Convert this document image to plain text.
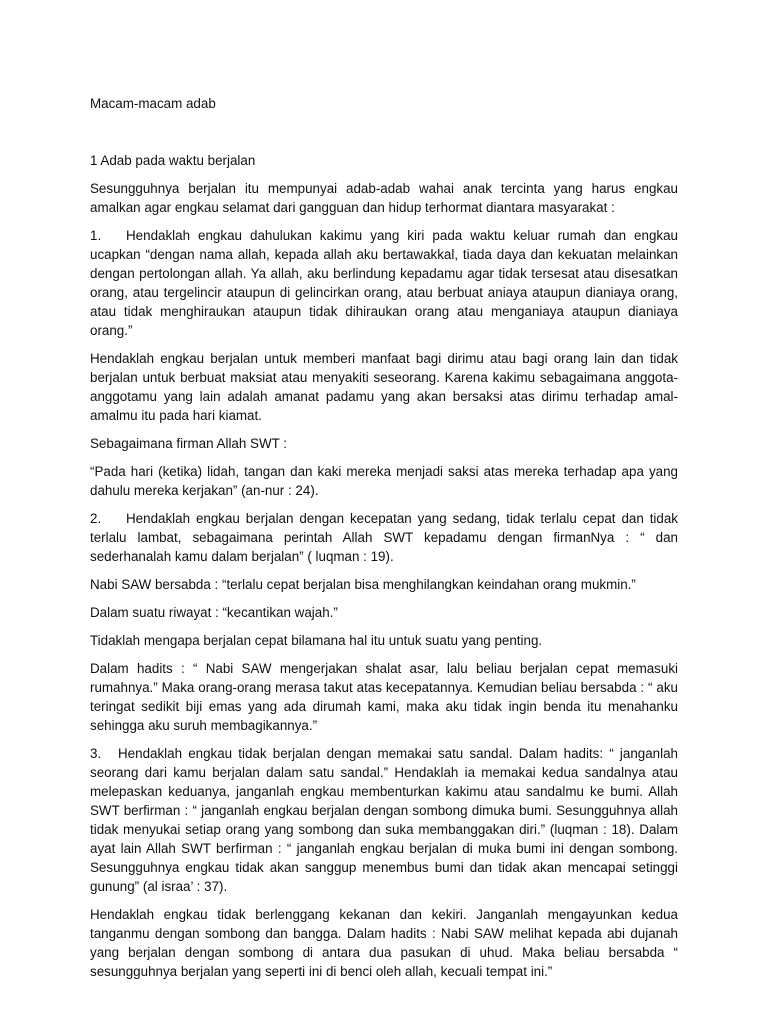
Macam-macam adab
1 Adab pada waktu berjalan

Sesungguhnya berjalan itu mempunyai adab-adab wahai anak tercinta yang harus engkau amalkan agar engkau selamat dari gangguan dan hidup terhormat diantara masyarakat :

1. Hendaklah engkau dahulukan kakimu yang kiri pada waktu keluar rumah dan engkau ucapkan “dengan nama allah, kepada allah aku bertawakkal, tiada daya dan kekuatan melainkan dengan pertolongan allah. Ya allah, aku berlindung kepadamu agar tidak tersesat atau disesatkan orang, atau tergelincir ataupun di gelincirkan orang, atau berbuat aniaya ataupun dianiaya orang, atau tidak menghiraukan ataupun tidak dihiraukan orang atau menganiaya ataupun dianiaya orang.”

Hendaklah engkau berjalan untuk memberi manfaat bagi dirimu atau bagi orang lain dan tidak berjalan untuk berbuat maksiat atau menyakiti seseorang. Karena kakimu sebagaimana anggota-anggotamu yang lain adalah amanat padamu yang akan bersaksi atas dirimu terhadap amal-amalmu itu pada hari kiamat.

Sebagaimana firman Allah SWT :

“Pada hari (ketika) lidah, tangan dan kaki mereka menjadi saksi atas mereka terhadap apa yang dahulu mereka kerjakan” (an-nur : 24).

2. Hendaklah engkau berjalan dengan kecepatan yang sedang, tidak terlalu cepat dan tidak terlalu lambat, sebagaimana perintah Allah SWT kepadamu dengan firmanNya : “ dan sederhanalah kamu dalam berjalan” ( luqman : 19).

Nabi SAW bersabda : “terlalu cepat berjalan bisa menghilangkan keindahan orang mukmin.”

Dalam suatu riwayat : “kecantikan wajah.”

Tidaklah mengapa berjalan cepat bilamana hal itu untuk suatu yang penting.

Dalam hadits : “ Nabi SAW mengerjakan shalat asar, lalu beliau berjalan cepat memasuki rumahnya.” Maka orang-orang merasa takut atas kecepatannya. Kemudian beliau bersabda : “ aku teringat sedikit biji emas yang ada dirumah kami, maka aku tidak ingin benda itu menahanku sehingga aku suruh membagikannya.”

3. Hendaklah engkau tidak berjalan dengan memakai satu sandal. Dalam hadits: “ janganlah seorang dari kamu berjalan dalam satu sandal.” Hendaklah ia memakai kedua sandalnya atau melepaskan keduanya, janganlah engkau membenturkan kakimu atau sandalmu ke bumi. Allah SWT berfirman : “ janganlah engkau berjalan dengan sombong dimuka bumi. Sesungguhnya allah tidak menyukai setiap orang yang sombong dan suka membanggakan diri.” (luqman : 18). Dalam ayat lain Allah SWT berfirman : “ janganlah engkau berjalan di muka bumi ini dengan sombong. Sesungguhnya engkau tidak akan sanggup menembus bumi dan tidak akan mencapai setinggi gunung” (al israa’ : 37).

Hendaklah engkau tidak berlenggang kekanan dan kekiri. Janganlah mengayunkan kedua tanganmu dengan sombong dan bangga. Dalam hadits : Nabi SAW melihat kepada abi dujanah yang berjalan dengan sombong di antara dua pasukan di uhud. Maka beliau bersabda “ sesungguhnya berjalan yang seperti ini di benci oleh allah, kecuali tempat ini.”
